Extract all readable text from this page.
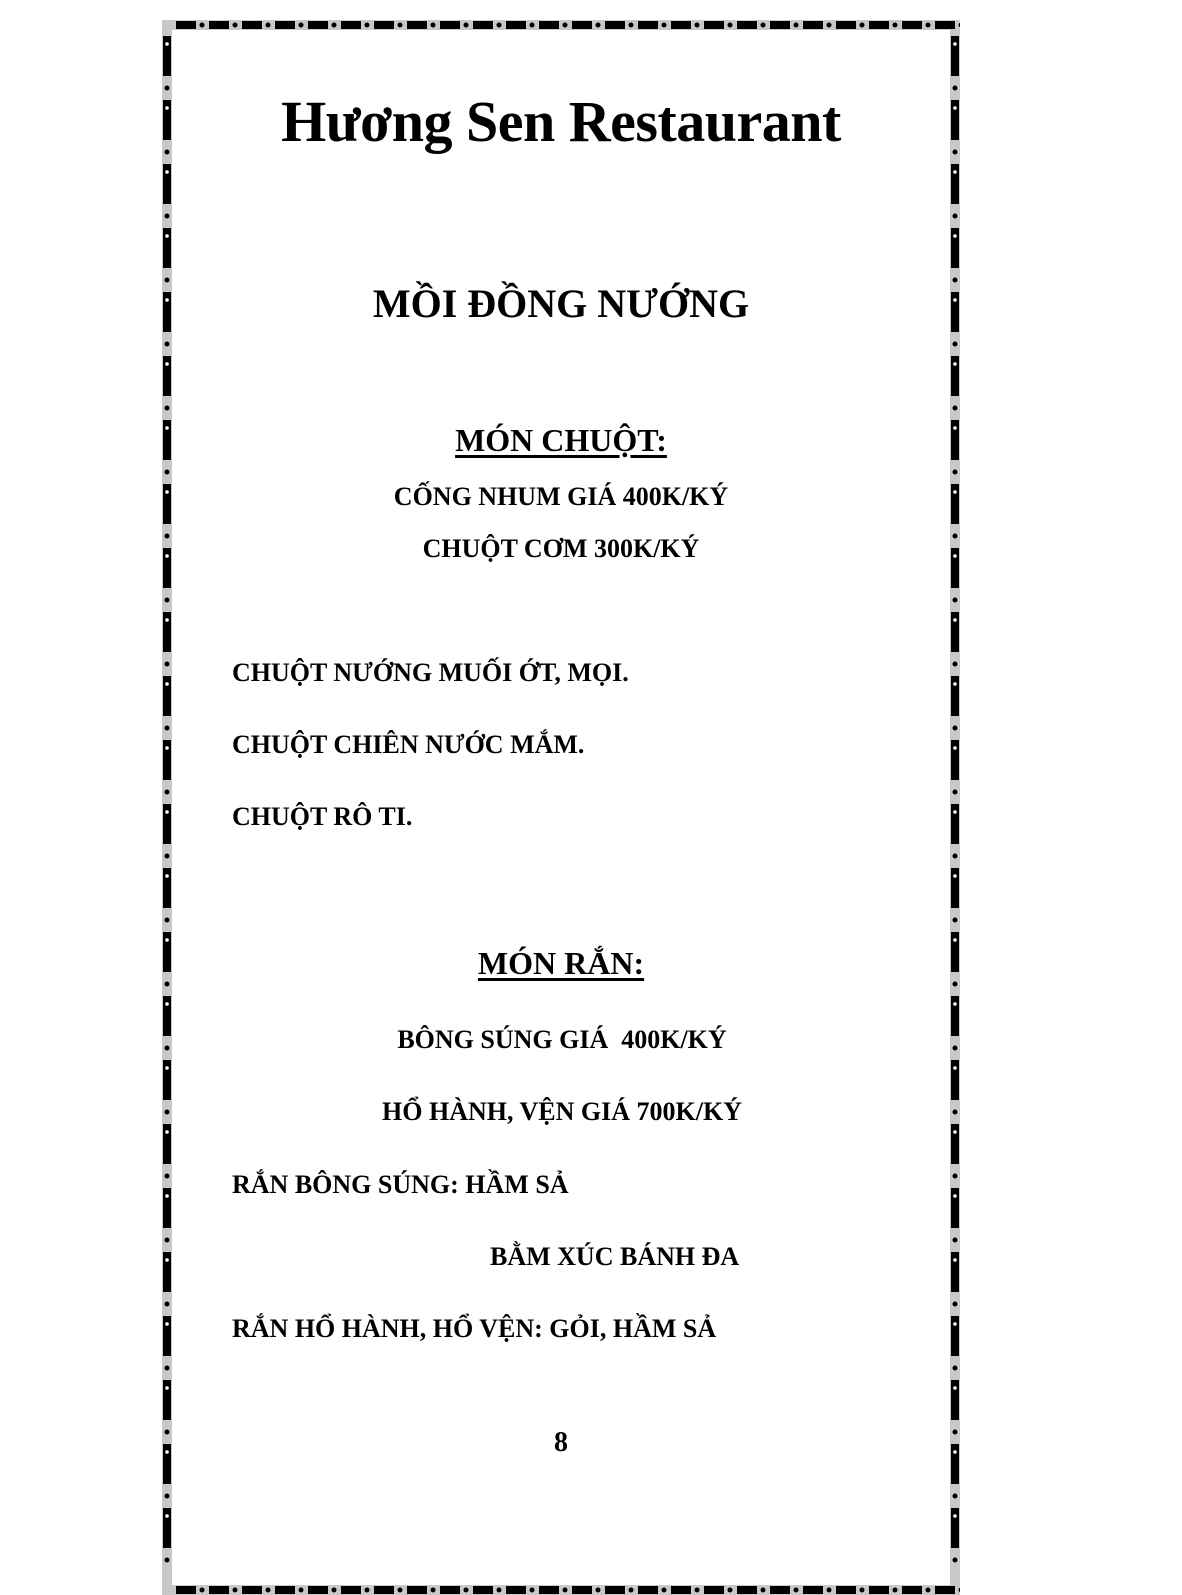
Hương Sen Restaurant
MỒI ĐỒNG NƯỚNG
MÓN CHUỘT:
CỐNG NHUM GIÁ 400K/KÝ
CHUỘT CƠM 300K/KÝ
CHUỘT NƯỚNG MUỐI ỚT, MỌI.
CHUỘT CHIÊN NƯỚC MẮM.
CHUỘT RÔ TI.
MÓN RẮN:
BÔNG SÚNG GIÁ  400K/KÝ
HỔ HÀNH, VỆN GIÁ 700K/KÝ
RẮN BÔNG SÚNG: HẦM SẢ
BẰM XÚC BÁNH ĐA
RẮN HỔ HÀNH, HỔ VỆN: GỎI, HẦM SẢ
8
